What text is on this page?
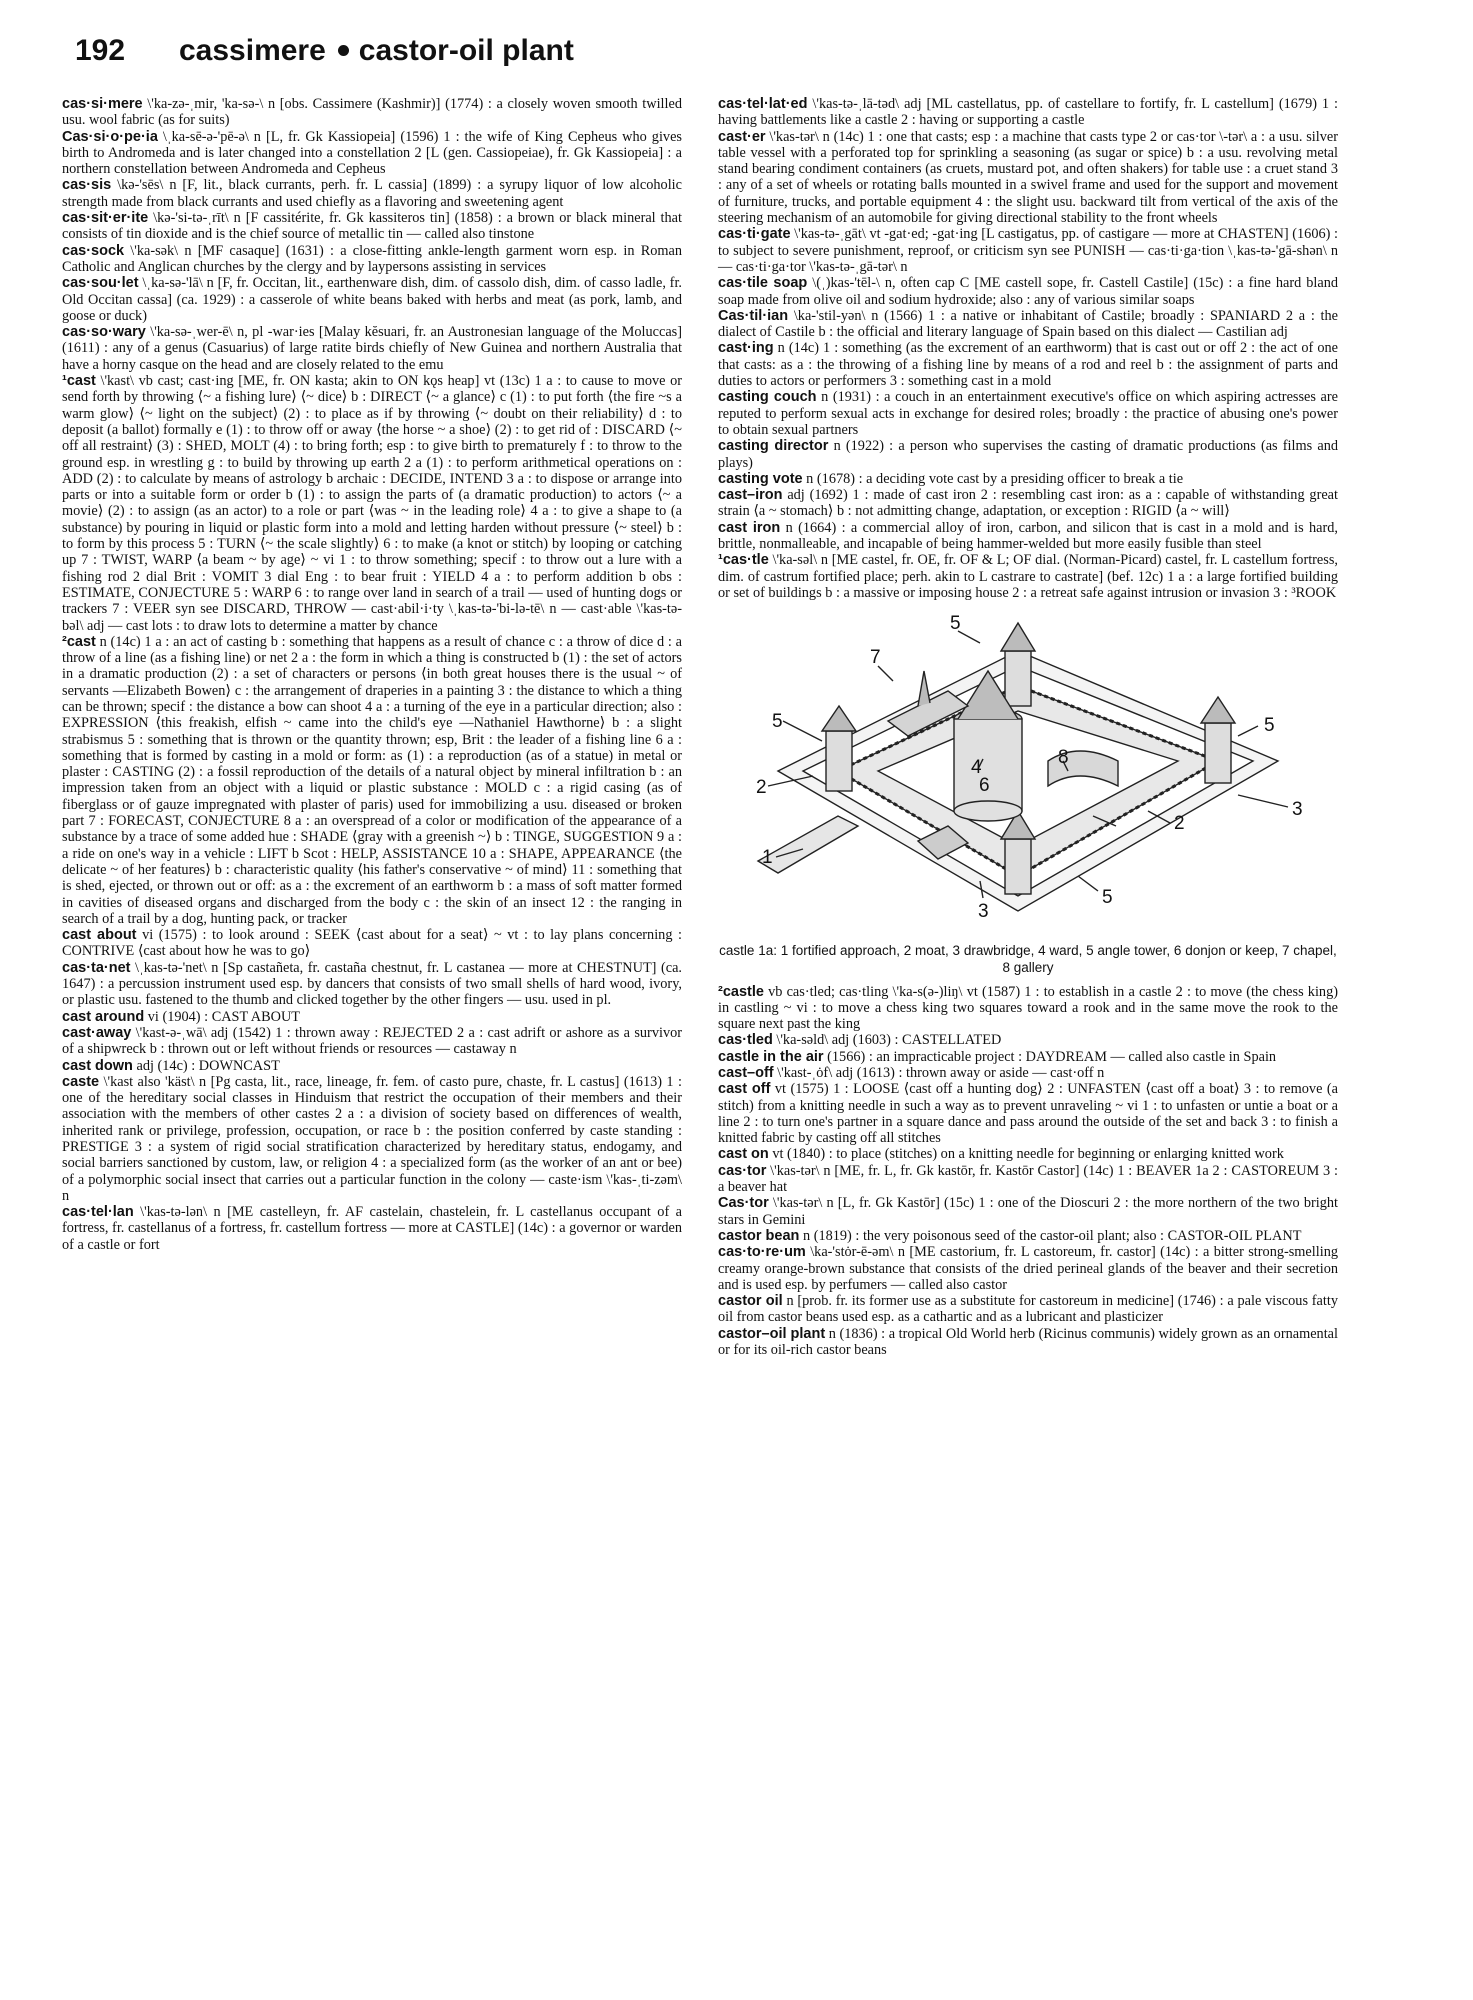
192 cassimere castor-oil plant

cas·si·mere \'ka-zə-ˌmir, 'ka-sə-\ n [obs. Cassimere (Kashmir)] (1774) : a closely woven smooth twilled usu. wool fabric (as for suits)

Cas·si·o·pe·ia \ˌka-sē-ə-'pē-ə\ n [L, fr. Gk Kassiopeia] (1596) 1 : the wife of King Cepheus who gives birth to Andromeda and is later changed into a constellation 2 [L (gen. Cassiopeiae), fr. Gk Kassiopeia] : a northern constellation between Andromeda and Cepheus

cas·sis \kə-'sēs\ n [F, lit., black currants, perh. fr. L cassia] (1899) : a syrupy liquor of low alcoholic strength made from black currants and used chiefly as a flavoring and sweetening agent

cas·sit·er·ite \kə-'si-tə-ˌrīt\ n [F cassitérite, fr. Gk kassiteros tin] (1858) : a brown or black mineral that consists of tin dioxide and is the chief source of metallic tin — called also tinstone

cas·sock \'ka-sək\ n [MF casaque] (1631) : a close-fitting ankle-length garment worn esp. in Roman Catholic and Anglican churches by the clergy and by laypersons assisting in services

cas·sou·let \ˌka-sə-'lā\ n [F, fr. Occitan, lit., earthenware dish, dim. of cassolo dish, dim. of casso ladle, fr. Old Occitan cassa] (ca. 1929) : a casserole of white beans baked with herbs and meat (as pork, lamb, and goose or duck)

cas·so·wary \'ka-sə-ˌwer-ē\ n, pl -war·ies [Malay kĕsuari, fr. an Austronesian language of the Moluccas] (1611) : any of a genus (Casuarius) of large ratite birds chiefly of New Guinea and northern Australia that have a horny casque on the head and are closely related to the emu

¹cast \'kast\ vb cast; cast·ing [ME, fr. ON kasta; akin to ON kǫs heap] vt (13c) 1 a : to cause to move or send forth by throwing ⟨~ a fishing lure⟩ ⟨~ dice⟩ b : DIRECT ⟨~ a glance⟩ c (1) : to put forth ⟨the fire ~s a warm glow⟩ ⟨~ light on the subject⟩ (2) : to place as if by throwing ⟨~ doubt on their reliability⟩ d : to deposit (a ballot) formally e (1) : to throw off or away ⟨the horse ~ a shoe⟩ (2) : to get rid of : DISCARD ⟨~ off all restraint⟩ (3) : SHED, MOLT (4) : to bring forth; esp : to give birth to prematurely f : to throw to the ground esp. in wrestling g : to build by throwing up earth 2 a (1) : to perform arithmetical operations on : ADD (2) : to calculate by means of astrology b archaic : DECIDE, INTEND 3 a : to dispose or arrange into parts or into a suitable form or order b (1) : to assign the parts of (a dramatic production) to actors ⟨~ a movie⟩ (2) : to assign (as an actor) to a role or part ⟨was ~ in the leading role⟩ 4 a : to give a shape to (a substance) by pouring in liquid or plastic form into a mold and letting harden without pressure ⟨~ steel⟩ b : to form by this process 5 : TURN ⟨~ the scale slightly⟩ 6 : to make (a knot or stitch) by looping or catching up 7 : TWIST, WARP ⟨a beam ~ by age⟩ ~ vi 1 : to throw something; specif : to throw out a lure with a fishing rod 2 dial Brit : VOMIT 3 dial Eng : to bear fruit : YIELD 4 a : to perform addition b obs : ESTIMATE, CONJECTURE 5 : WARP 6 : to range over land in search of a trail — used of hunting dogs or trackers 7 : VEER syn see DISCARD, THROW — cast·abil·i·ty \ˌkas-tə-'bi-lə-tē\ n — cast·able \'kas-tə-bəl\ adj — cast lots : to draw lots to determine a matter by chance

²cast n (14c) 1 a : an act of casting b : something that happens as a result of chance c : a throw of dice d : a throw of a line (as a fishing line) or net 2 a : the form in which a thing is constructed b (1) : the set of actors in a dramatic production (2) : a set of characters or persons ⟨in both great houses there is the usual ~ of servants —Elizabeth Bowen⟩ c : the arrangement of draperies in a painting 3 : the distance to which a thing can be thrown; specif : the distance a bow can shoot 4 a : a turning of the eye in a particular direction; also : EXPRESSION ⟨this freakish, elfish ~ came into the child's eye —Nathaniel Hawthorne⟩ b : a slight strabismus 5 : something that is thrown or the quantity thrown; esp, Brit : the leader of a fishing line 6 a : something that is formed by casting in a mold or form: as (1) : a reproduction (as of a statue) in metal or plaster : CASTING (2) : a fossil reproduction of the details of a natural object by mineral infiltration b : an impression taken from an object with a liquid or plastic substance : MOLD c : a rigid casing (as of fiberglass or of gauze impregnated with plaster of paris) used for immobilizing a usu. diseased or broken part 7 : FORECAST, CONJECTURE 8 a : an overspread of a color or modification of the appearance of a substance by a trace of some added hue : SHADE ⟨gray with a greenish ~⟩ b : TINGE, SUGGESTION 9 a : a ride on one's way in a vehicle : LIFT b Scot : HELP, ASSISTANCE 10 a : SHAPE, APPEARANCE ⟨the delicate ~ of her features⟩ b : characteristic quality ⟨his father's conservative ~ of mind⟩ 11 : something that is shed, ejected, or thrown out or off: as a : the excrement of an earthworm b : a mass of soft matter formed in cavities of diseased organs and discharged from the body c : the skin of an insect 12 : the ranging in search of a trail by a dog, hunting pack, or tracker

cast about vi (1575) : to look around : SEEK ⟨cast about for a seat⟩ ~ vt : to lay plans concerning : CONTRIVE ⟨cast about how he was to go⟩

cas·ta·net \ˌkas-tə-'net\ n [Sp castañeta, fr. castaña chestnut, fr. L castanea — more at CHESTNUT] (ca. 1647) : a percussion instrument used esp. by dancers that consists of two small shells of hard wood, ivory, or plastic usu. fastened to the thumb and clicked together by the other fingers — usu. used in pl.

cast around vi (1904) : CAST ABOUT

cast·away \'kast-ə-ˌwā\ adj (1542) 1 : thrown away : REJECTED 2 a : cast adrift or ashore as a survivor of a shipwreck b : thrown out or left without friends or resources — castaway n

cast down adj (14c) : DOWNCAST

caste \'kast also 'käst\ n [Pg casta, lit., race, lineage, fr. fem. of casto pure, chaste, fr. L castus] (1613) 1 : one of the hereditary social classes in Hinduism that restrict the occupation of their members and their association with the members of other castes 2 a : a division of society based on differences of wealth, inherited rank or privilege, profession, occupation, or race b : the position conferred by caste standing : PRESTIGE 3 : a system of rigid social stratification characterized by hereditary status, endogamy, and social barriers sanctioned by custom, law, or religion 4 : a specialized form (as the worker of an ant or bee) of a polymorphic social insect that carries out a particular function in the colony — caste·ism \'kas-ˌti-zəm\ n

cas·tel·lan \'kas-tə-lən\ n [ME castelleyn, fr. AF castelain, chastelein, fr. L castellanus occupant of a fortress, fr. castellanus of a fortress, fr. castellum fortress — more at CASTLE] (14c) : a governor or warden of a castle or fort

cas·tel·lat·ed \'kas-tə-ˌlā-təd\ adj [ML castellatus, pp. of castellare to fortify, fr. L castellum] (1679) 1 : having battlements like a castle 2 : having or supporting a castle

cast·er \'kas-tər\ n (14c) 1 : one that casts; esp : a machine that casts type 2 or cas·tor \-tər\ a : a usu. silver table vessel with a perforated top for sprinkling a seasoning (as sugar or spice) b : a usu. revolving metal stand bearing condiment containers (as cruets, mustard pot, and often shakers) for table use : a cruet stand 3 : any of a set of wheels or rotating balls mounted in a swivel frame and used for the support and movement of furniture, trucks, and portable equipment 4 : the slight usu. backward tilt from vertical of the axis of the steering mechanism of an automobile for giving directional stability to the front wheels

cas·ti·gate \'kas-tə-ˌgāt\ vt -gat·ed; -gat·ing [L castigatus, pp. of castigare — more at CHASTEN] (1606) : to subject to severe punishment, reproof, or criticism syn see PUNISH — cas·ti·ga·tion \ˌkas-tə-'gā-shən\ n — cas·ti·ga·tor \'kas-tə-ˌgā-tər\ n

cas·tile soap \(ˌ)kas-'tēl-\ n, often cap C [ME castell sope, fr. Castell Castile] (15c) : a fine hard bland soap made from olive oil and sodium hydroxide; also : any of various similar soaps

Cas·til·ian \ka-'stil-yən\ n (1566) 1 : a native or inhabitant of Castile; broadly : SPANIARD 2 a : the dialect of Castile b : the official and literary language of Spain based on this dialect — Castilian adj

cast·ing n (14c) 1 : something (as the excrement of an earthworm) that is cast out or off 2 : the act of one that casts: as a : the throwing of a fishing line by means of a rod and reel b : the assignment of parts and duties to actors or performers 3 : something cast in a mold

casting couch n (1931) : a couch in an entertainment executive's office on which aspiring actresses are reputed to perform sexual acts in exchange for desired roles; broadly : the practice of abusing one's power to obtain sexual partners

casting director n (1922) : a person who supervises the casting of dramatic productions (as films and plays)

casting vote n (1678) : a deciding vote cast by a presiding officer to break a tie

cast–iron adj (1692) 1 : made of cast iron 2 : resembling cast iron: as a : capable of withstanding great strain ⟨a ~ stomach⟩ b : not admitting change, adaptation, or exception : RIGID ⟨a ~ will⟩

cast iron n (1664) : a commercial alloy of iron, carbon, and silicon that is cast in a mold and is hard, brittle, nonmalleable, and incapable of being hammer-welded but more easily fusible than steel

¹cas·tle \'ka-səl\ n [ME castel, fr. OE, fr. OF & L; OF dial. (Norman-Picard) castel, fr. L castellum fortress, dim. of castrum fortified place; perh. akin to L castrare to castrate] (bef. 12c) 1 a : a large fortified building or set of buildings b : a massive or imposing house 2 : a retreat safe against intrusion or invasion 3 : ³ROOK

7
5
5
4	8
6
5
2
3
1
2
3
5
castle 1a: 1 fortified approach, 2 moat, 3 drawbridge, 4 ward, 5 angle tower, 6 donjon or keep, 7 chapel, 8 gallery

²castle vb cas·tled; cas·tling \'ka-s(ə-)liŋ\ vt (1587) 1 : to establish in a castle 2 : to move (the chess king) in castling ~ vi : to move a chess king two squares toward a rook and in the same move the rook to the square next past the king

cas·tled \'ka-səld\ adj (1603) : CASTELLATED

castle in the air (1566) : an impracticable project : DAYDREAM — called also castle in Spain

cast–off \'kast-ˌȯf\ adj (1613) : thrown away or aside — cast·off n

cast off vt (1575) 1 : LOOSE ⟨cast off a hunting dog⟩ 2 : UNFASTEN ⟨cast off a boat⟩ 3 : to remove (a stitch) from a knitting needle in such a way as to prevent unraveling ~ vi 1 : to unfasten or untie a boat or a line 2 : to turn one's partner in a square dance and pass around the outside of the set and back 3 : to finish a knitted fabric by casting off all stitches

cast on vt (1840) : to place (stitches) on a knitting needle for beginning or enlarging knitted work

cas·tor \'kas-tər\ n [ME, fr. L, fr. Gk kastōr, fr. Kastōr Castor] (14c) 1 : BEAVER 1a 2 : CASTOREUM 3 : a beaver hat

Cas·tor \'kas-tər\ n [L, fr. Gk Kastōr] (15c) 1 : one of the Dioscuri 2 : the more northern of the two bright stars in Gemini

castor bean n (1819) : the very poisonous seed of the castor-oil plant; also : CASTOR-OIL PLANT

cas·to·re·um \ka-'stȯr-ē-əm\ n [ME castorium, fr. L castoreum, fr. castor] (14c) : a bitter strong-smelling creamy orange-brown substance that consists of the dried perineal glands of the beaver and their secretion and is used esp. by perfumers — called also castor

castor oil n [prob. fr. its former use as a substitute for castoreum in medicine] (1746) : a pale viscous fatty oil from castor beans used esp. as a cathartic and as a lubricant and plasticizer

castor–oil plant n (1836) : a tropical Old World herb (Ricinus communis) widely grown as an ornamental or for its oil-rich castor beans
